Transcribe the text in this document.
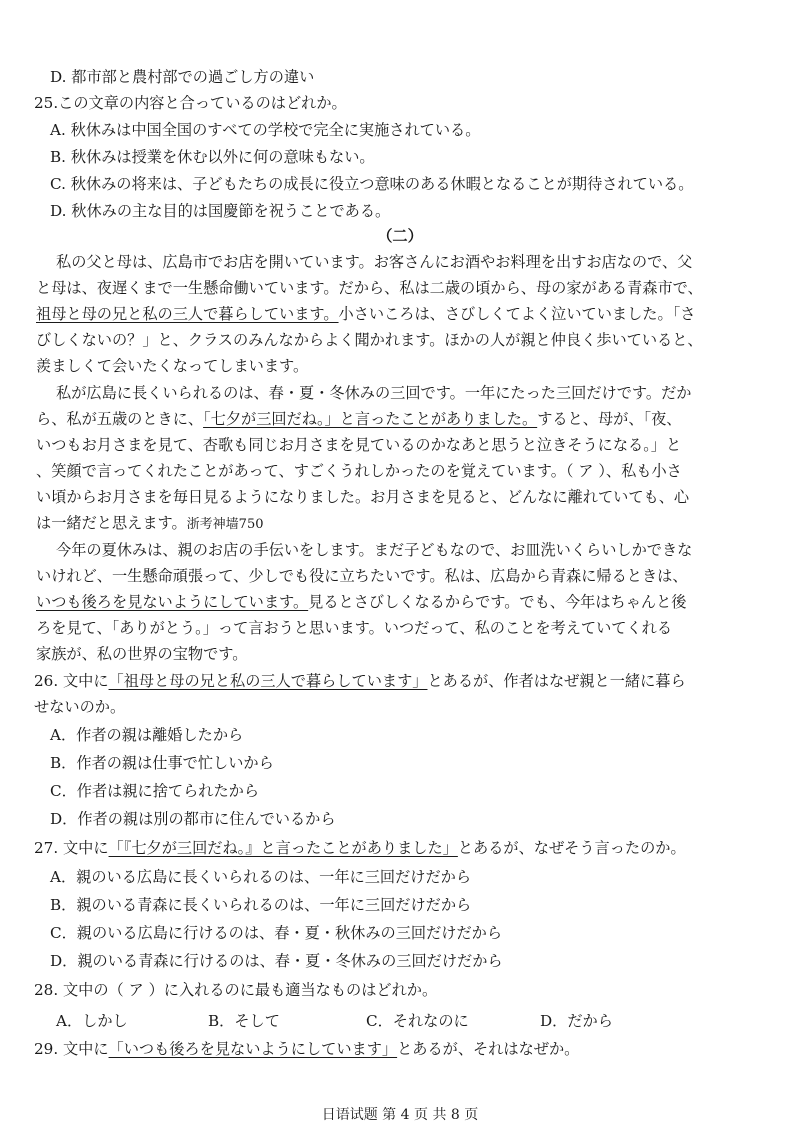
D. 都市部と農村部での過ごし方の違い
25.この文章の内容と合っているのはどれか。
A. 秋休みは中国全国のすべての学校で完全に実施されている。
B. 秋休みは授業を休む以外に何の意味もない。
C. 秋休みの将来は、子どもたちの成長に役立つ意味のある休暇となることが期待されている。
D. 秋休みの主な目的は国慶節を祝うことである。
（二）
私の父と母は、広島市でお店を開いています。お客さんにお酒やお料理を出すお店なので、父
と母は、夜遅くまで一生懸命働いています。だから、私は二歳の頃から、母の家がある青森市で、
祖母と母の兄と私の三人で暮らしています。小さいころは、さびしくてよく泣いていました。「さ
びしくないの？」と、クラスのみんなからよく聞かれます。ほかの人が親と仲良く歩いていると、
羨ましくて会いたくなってしまいます。
私が広島に長くいられるのは、春・夏・冬休みの三回です。一年にたった三回だけです。だか
ら、私が五歳のときに、「七夕が三回だね。」と言ったことがありました。すると、母が、「夜、
いつもお月さまを見て、杏歌も同じお月さまを見ているのかなあと思うと泣きそうになる。」と
、笑顔で言ってくれたことがあって、すごくうれしかったのを覚えています。（ ア ）、私も小さ
い頃からお月さまを毎日見るようになりました。お月さまを見ると、どんなに離れていても、心
は一緒だと思えます。浙考神墙750
今年の夏休みは、親のお店の手伝いをします。まだ子どもなので、お皿洗いくらいしかできな
いけれど、一生懸命頑張って、少しでも役に立ちたいです。私は、広島から青森に帰るときは、
いつも後ろを見ないようにしています。見るとさびしくなるからです。でも、今年はちゃんと後
ろを見て、「ありがとう。」って言おうと思います。いつだって、私のことを考えていてくれる
家族が、私の世界の宝物です。
26. 文中に「祖母と母の兄と私の三人で暮らしています」とあるが、作者はなぜ親と一緒に暮ら
せないのか。
A．作者の親は離婚したから
B．作者の親は仕事で忙しいから
C．作者は親に捨てられたから
D．作者の親は別の都市に住んでいるから
27. 文中に「『七夕が三回だね。』と言ったことがありました」とあるが、なぜそう言ったのか。
A．親のいる広島に長くいられるのは、一年に三回だけだから
B．親のいる青森に長くいられるのは、一年に三回だけだから
C．親のいる広島に行けるのは、春・夏・秋休みの三回だけだから
D．親のいる青森に行けるのは、春・夏・冬休みの三回だけだから
28. 文中の（ ア ）に入れるのに最も適当なものはどれか。
A．しかし	B．そして	C．それなのに	D．だから
29. 文中に「いつも後ろを見ないようにしています」とあるが、それはなぜか。
日语试题 第 4 页 共 8 页
